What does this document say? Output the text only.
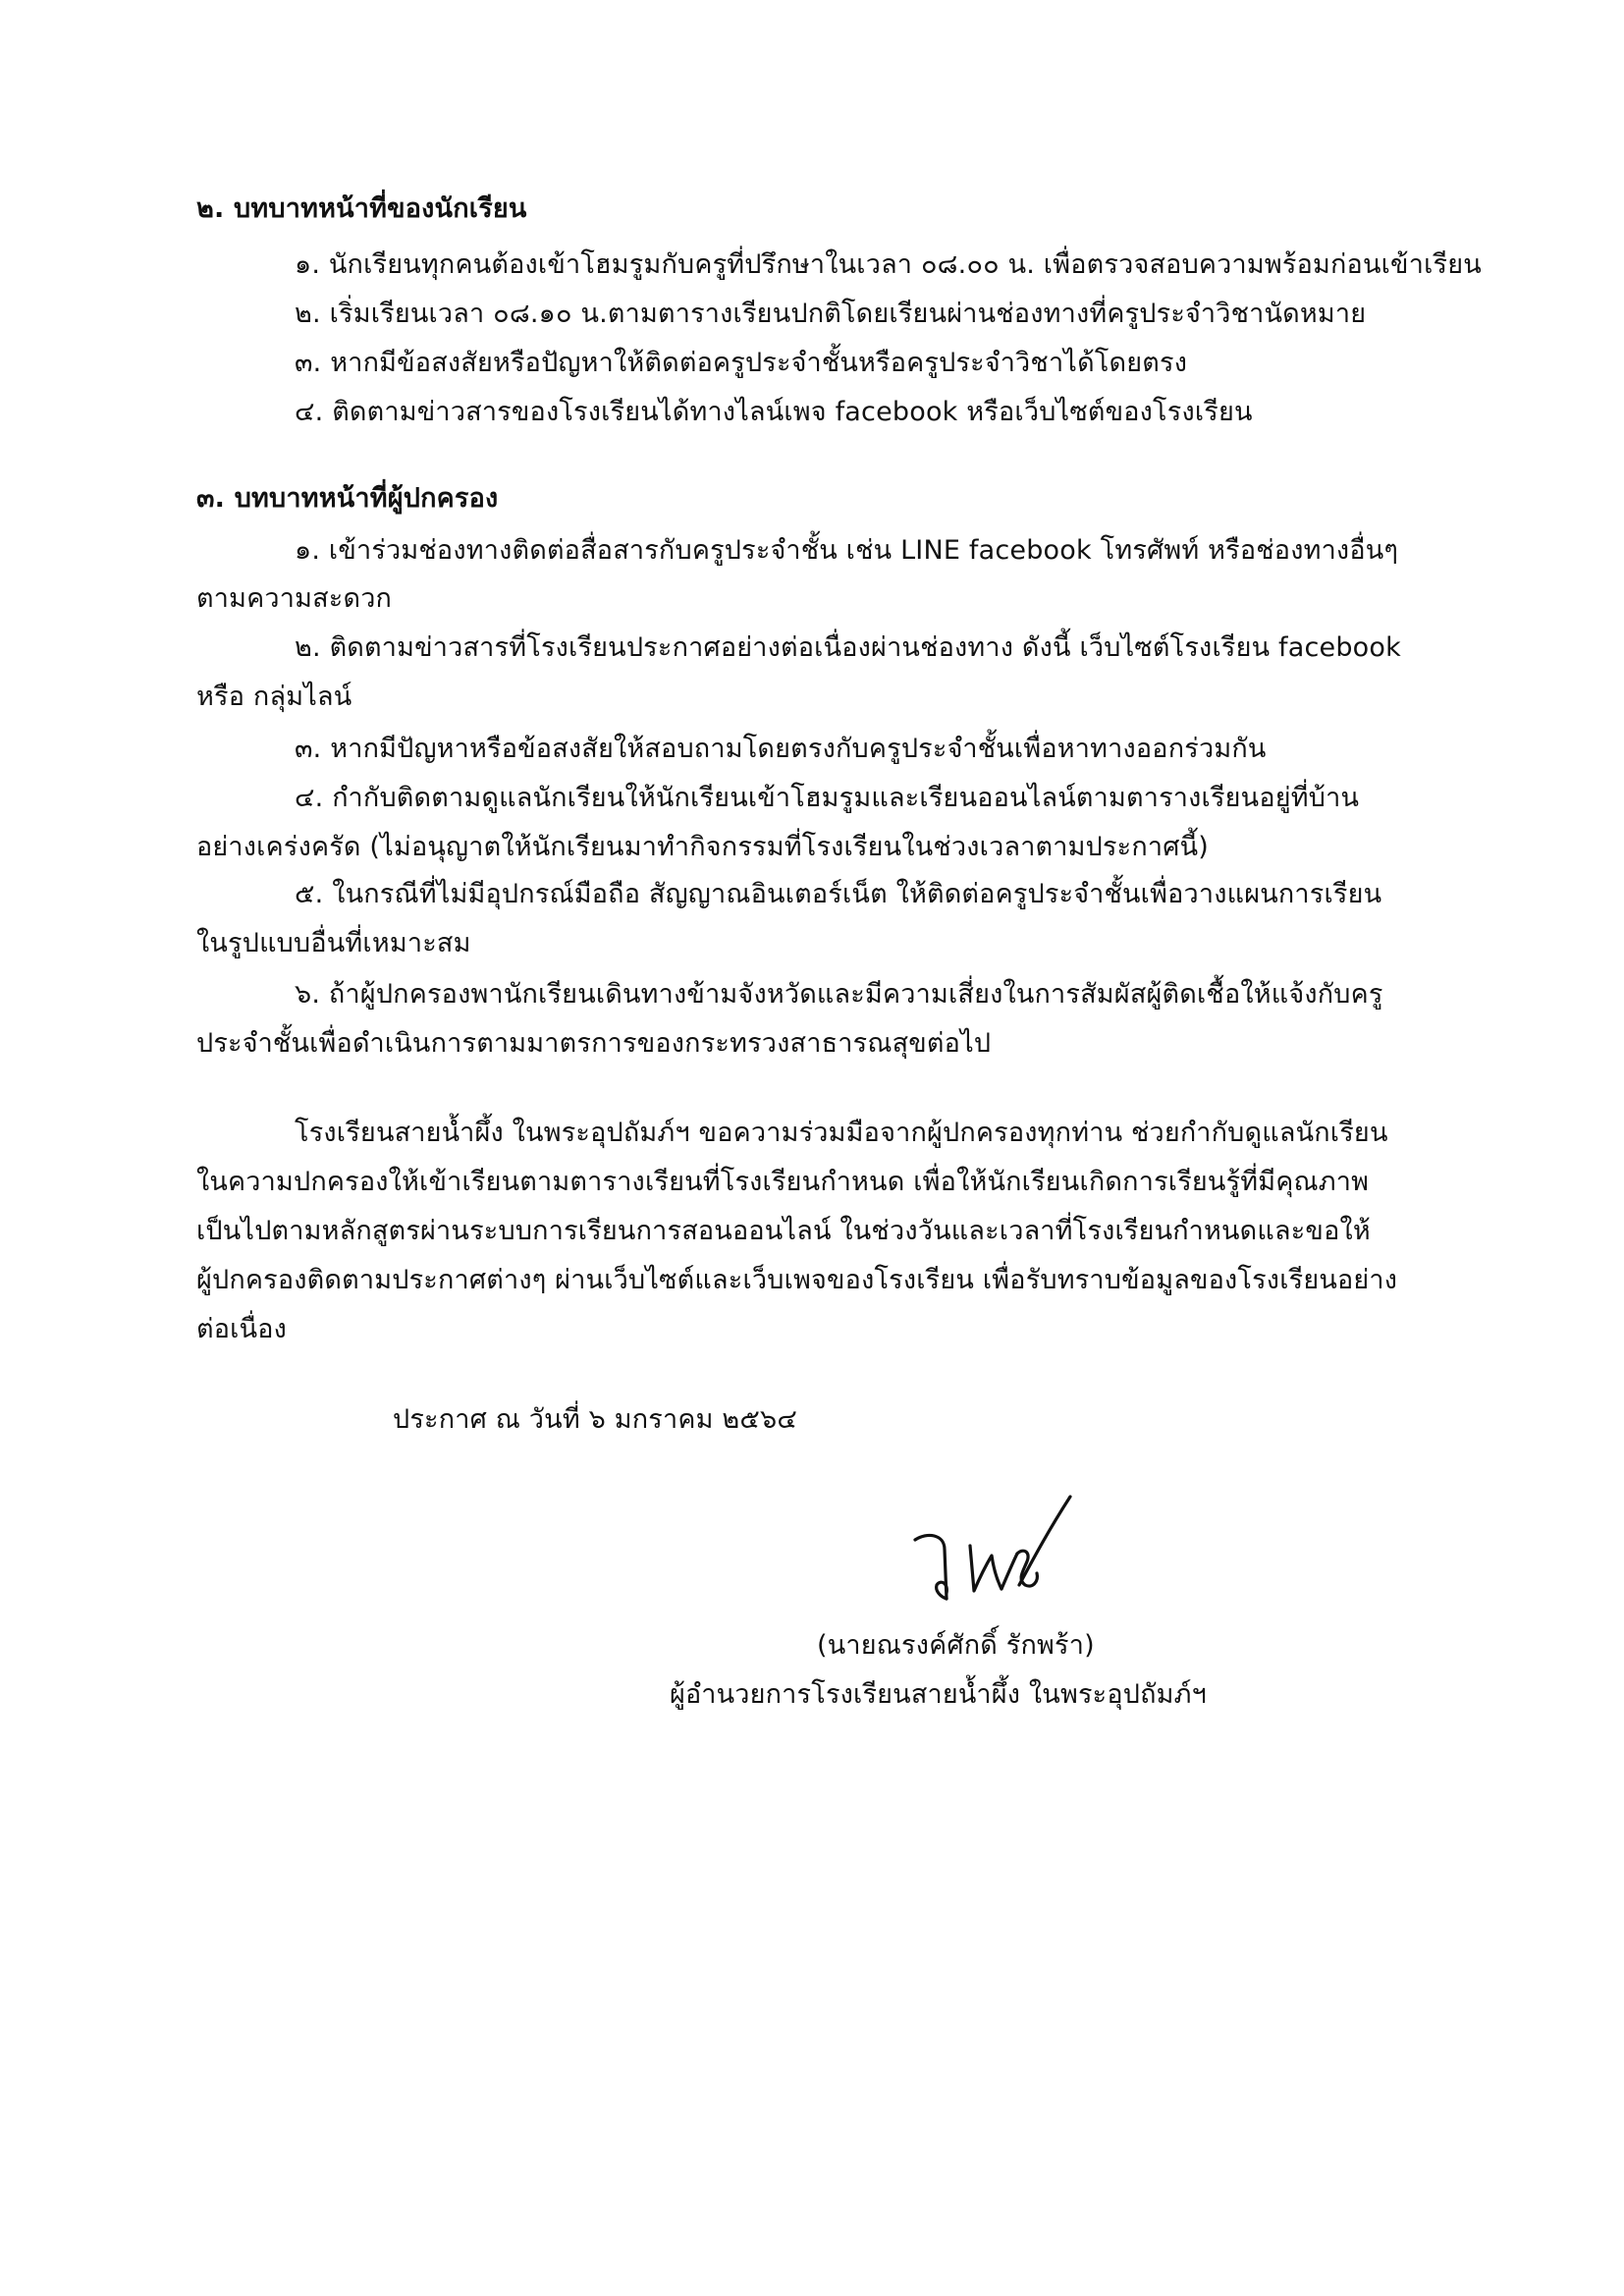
๒. บทบาทหน้าที่ของนักเรียน
๑. นักเรียนทุกคนต้องเข้าโฮมรูมกับครูที่ปรึกษาในเวลา ๐๘.๐๐ น. เพื่อตรวจสอบความพร้อมก่อนเข้าเรียน
๒. เริ่มเรียนเวลา ๐๘.๑๐ น.ตามตารางเรียนปกติโดยเรียนผ่านช่องทางที่ครูประจำวิชานัดหมาย
๓. หากมีข้อสงสัยหรือปัญหาให้ติดต่อครูประจำชั้นหรือครูประจำวิชาได้โดยตรง
๔. ติดตามข่าวสารของโรงเรียนได้ทางไลน์เพจ facebook หรือเว็บไซต์ของโรงเรียน
๓. บทบาทหน้าที่ผู้ปกครอง
๑. เข้าร่วมช่องทางติดต่อสื่อสารกับครูประจำชั้น เช่น LINE facebook โทรศัพท์ หรือช่องทางอื่นๆ
ตามความสะดวก
๒. ติดตามข่าวสารที่โรงเรียนประกาศอย่างต่อเนื่องผ่านช่องทาง ดังนี้ เว็บไซต์โรงเรียน facebook
หรือ กลุ่มไลน์
๓. หากมีปัญหาหรือข้อสงสัยให้สอบถามโดยตรงกับครูประจำชั้นเพื่อหาทางออกร่วมกัน
๔. กำกับติดตามดูแลนักเรียนให้นักเรียนเข้าโฮมรูมและเรียนออนไลน์ตามตารางเรียนอยู่ที่บ้าน
อย่างเคร่งครัด (ไม่อนุญาตให้นักเรียนมาทำกิจกรรมที่โรงเรียนในช่วงเวลาตามประกาศนี้)
๕. ในกรณีที่ไม่มีอุปกรณ์มือถือ สัญญาณอินเตอร์เน็ต ให้ติดต่อครูประจำชั้นเพื่อวางแผนการเรียน
ในรูปแบบอื่นที่เหมาะสม
๖. ถ้าผู้ปกครองพานักเรียนเดินทางข้ามจังหวัดและมีความเสี่ยงในการสัมผัสผู้ติดเชื้อให้แจ้งกับครู
ประจำชั้นเพื่อดำเนินการตามมาตรการของกระทรวงสาธารณสุขต่อไป
โรงเรียนสายน้ำผึ้ง ในพระอุปถัมภ์ฯ ขอความร่วมมือจากผู้ปกครองทุกท่าน ช่วยกำกับดูแลนักเรียน
ในความปกครองให้เข้าเรียนตามตารางเรียนที่โรงเรียนกำหนด เพื่อให้นักเรียนเกิดการเรียนรู้ที่มีคุณภาพ
เป็นไปตามหลักสูตรผ่านระบบการเรียนการสอนออนไลน์ ในช่วงวันและเวลาที่โรงเรียนกำหนดและขอให้
ผู้ปกครองติดตามประกาศต่างๆ ผ่านเว็บไซต์และเว็บเพจของโรงเรียน เพื่อรับทราบข้อมูลของโรงเรียนอย่าง
ต่อเนื่อง
ประกาศ ณ วันที่ ๖ มกราคม ๒๕๖๔
(นายณรงค์ศักดิ์ รักพร้า)
ผู้อำนวยการโรงเรียนสายน้ำผึ้ง ในพระอุปถัมภ์ฯ
